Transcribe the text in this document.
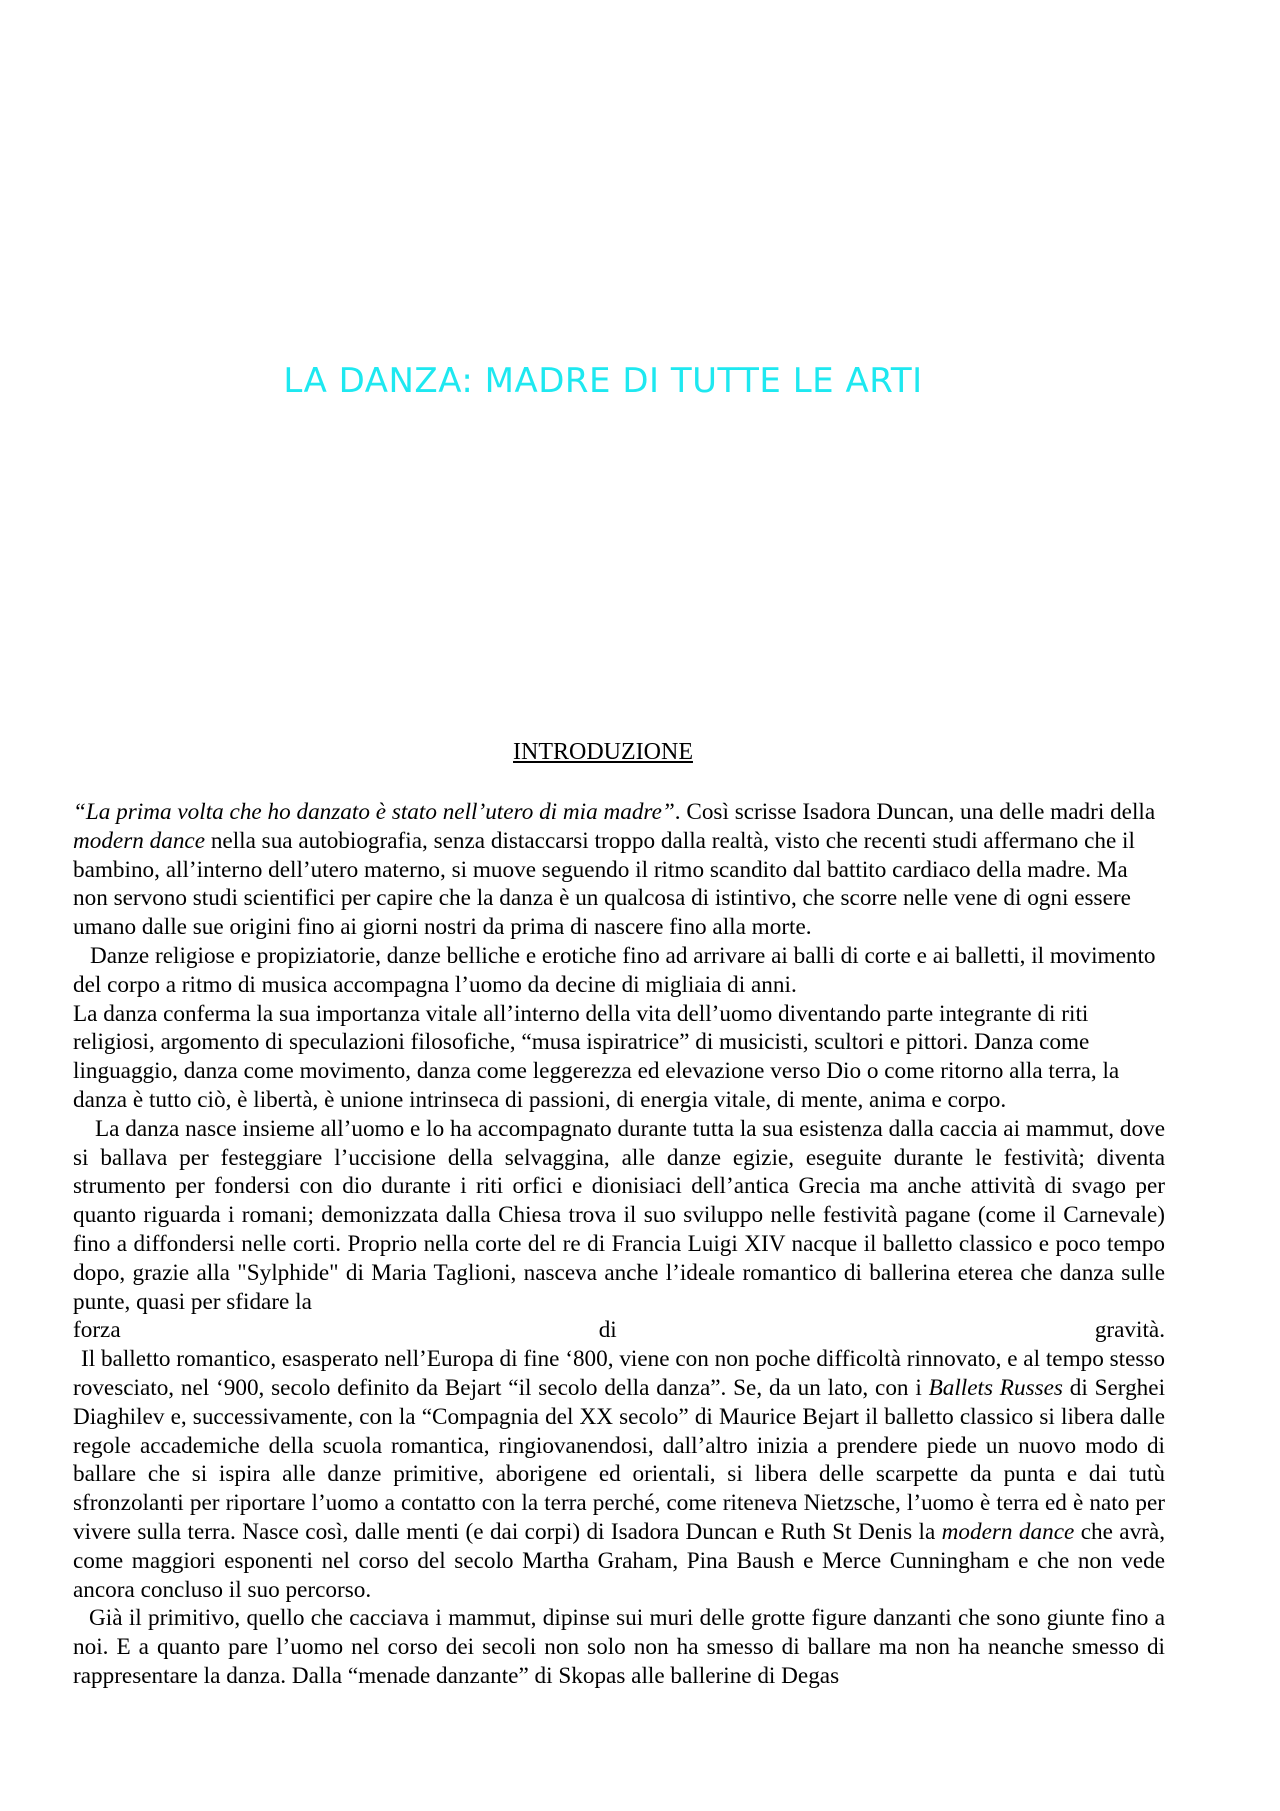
LA DANZA: MADRE DI TUTTE LE ARTI
INTRODUZIONE

“La prima volta che ho danzato è stato nell’utero di mia madre”. Così scrisse Isadora Duncan, una delle madri della modern dance nella sua autobiografia, senza distaccarsi troppo dalla realtà, visto che recenti studi affermano che il bambino, all’interno dell’utero materno, si muove seguendo il ritmo scandito dal battito cardiaco della madre. Ma non servono studi scientifici per capire che la danza è un qualcosa di istintivo, che scorre nelle vene di ogni essere umano dalle sue origini fino ai giorni nostri da prima di nascere fino alla morte.

Danze religiose e propiziatorie, danze belliche e erotiche fino ad arrivare ai balli di corte e ai balletti, il movimento del corpo a ritmo di musica accompagna l’uomo da decine di migliaia di anni.

La danza conferma la sua importanza vitale all’interno della vita dell’uomo diventando parte integrante di riti religiosi, argomento di speculazioni filosofiche, “musa ispiratrice” di musicisti, scultori e pittori. Danza come linguaggio, danza come movimento, danza come leggerezza ed elevazione verso Dio o come ritorno alla terra, la danza è tutto ciò, è libertà, è unione intrinseca di passioni, di energia vitale, di mente, anima e corpo.

La danza nasce insieme all’uomo e lo ha accompagnato durante tutta la sua esistenza dalla caccia ai mammut, dove si ballava per festeggiare l’uccisione della selvaggina, alle danze egizie, eseguite durante le festività; diventa strumento per fondersi con dio durante i riti orfici e dionisiaci dell’antica Grecia ma anche attività di svago per quanto riguarda i romani; demonizzata dalla Chiesa trova il suo sviluppo nelle festività pagane (come il Carnevale) fino a diffondersi nelle corti. Proprio nella corte del re di Francia Luigi XIV nacque il balletto classico e poco tempo dopo, grazie alla "Sylphide" di Maria Taglioni, nasceva anche l’ideale romantico di ballerina eterea che danza sulle punte, quasi per sfidare la

forza di gravità.

Il balletto romantico, esasperato nell’Europa di fine ‘800, viene con non poche difficoltà rinnovato, e al tempo stesso rovesciato, nel ‘900, secolo definito da Bejart “il secolo della danza”. Se, da un lato, con i Ballets Russes di Serghei Diaghilev e, successivamente, con la “Compagnia del XX secolo” di Maurice Bejart il balletto classico si libera dalle regole accademiche della scuola romantica, ringiovanendosi, dall’altro inizia a prendere piede un nuovo modo di ballare che si ispira alle danze primitive, aborigene ed orientali, si libera delle scarpette da punta e dai tutù sfronzolanti per riportare l’uomo a contatto con la terra perché, come riteneva Nietzsche, l’uomo è terra ed è nato per vivere sulla terra. Nasce così, dalle menti (e dai corpi) di Isadora Duncan e Ruth St Denis la modern dance che avrà, come maggiori esponenti nel corso del secolo Martha Graham, Pina Baush e Merce Cunningham e che non vede ancora concluso il suo percorso.

Già il primitivo, quello che cacciava i mammut, dipinse sui muri delle grotte figure danzanti che sono giunte fino a noi. E a quanto pare l’uomo nel corso dei secoli non solo non ha smesso di ballare ma non ha neanche smesso di rappresentare la danza. Dalla “menade danzante” di Skopas alle ballerine di Degas
